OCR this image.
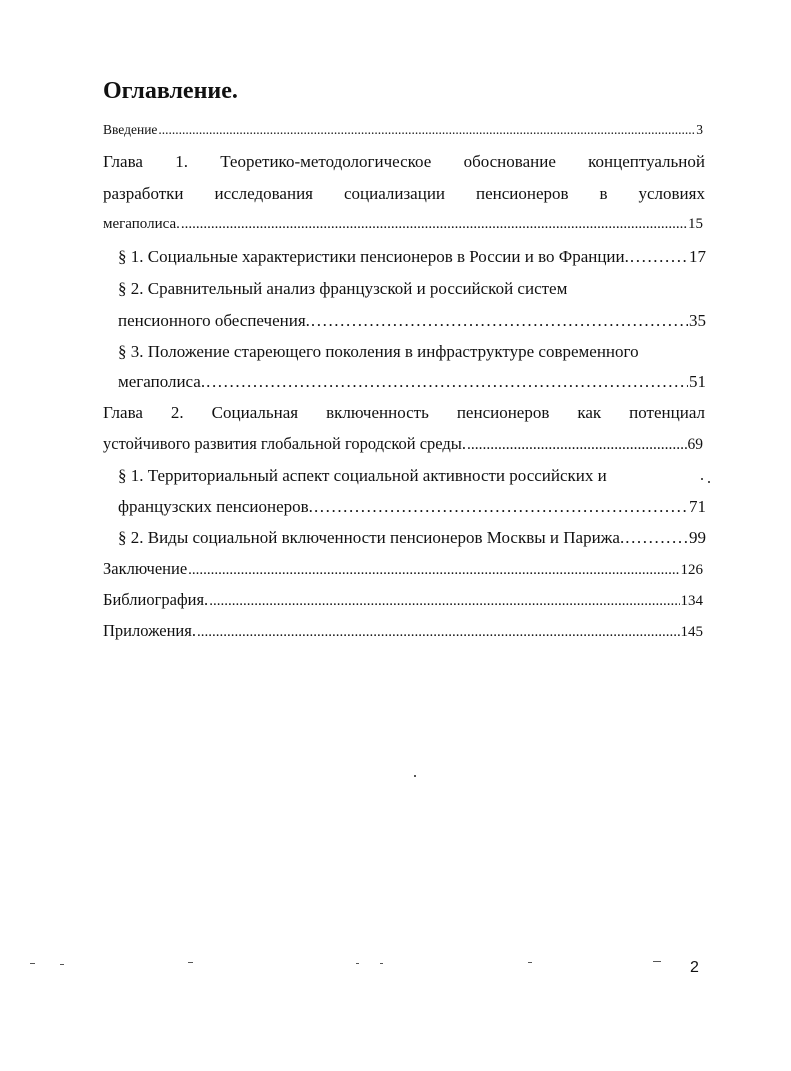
Оглавление.
Введение .....	3
Глава 1. Теоретико-методологическое обоснование концептуальной
разработки исследования социализации пенсионеров в условиях
мегаполиса. .....	15
§ 1. Социальные характеристики пенсионеров в России и во Франции. .....	17
§ 2. Сравнительный анализ французской и российской систем
пенсионного обеспечения. .....	35
§ 3. Положение стареющего поколения в инфраструктуре современного
мегаполиса. .....	51
Глава 2. Социальная включенность пенсионеров как потенциал
устойчивого развития глобальной городской среды. .....	69
§ 1. Территориальный аспект социальной активности российских и
французских пенсионеров. .....	71
§ 2. Виды социальной включенности пенсионеров Москвы и Парижа. .....	99
Заключение .....	126
Библиография. .....	134
Приложения. .....	145
2
